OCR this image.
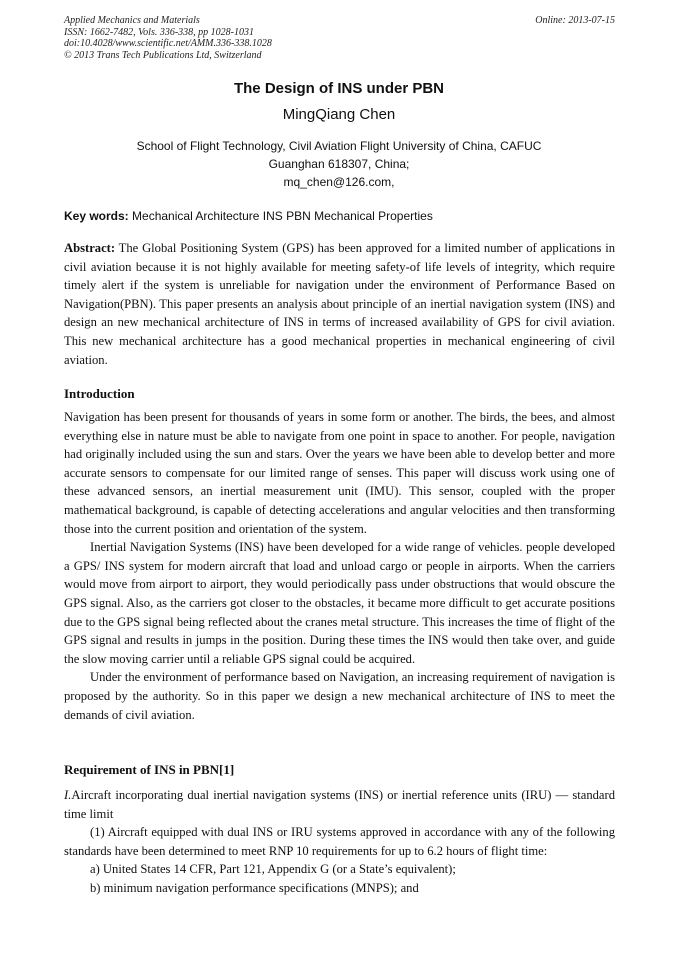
Applied Mechanics and Materials
ISSN: 1662-7482, Vols. 336-338, pp 1028-1031
doi:10.4028/www.scientific.net/AMM.336-338.1028
© 2013 Trans Tech Publications Ltd, Switzerland
Online: 2013-07-15
The Design of INS under PBN
MingQiang Chen
School of Flight Technology, Civil Aviation Flight University of China, CAFUC
Guanghan 618307, China;
mq_chen@126.com,
Key words: Mechanical Architecture INS PBN Mechanical Properties

Abstract: The Global Positioning System (GPS) has been approved for a limited number of applications in civil aviation because it is not highly available for meeting safety-of life levels of integrity, which require timely alert if the system is unreliable for navigation under the environment of Performance Based on Navigation(PBN). This paper presents an analysis about principle of an inertial navigation system (INS) and design an new mechanical architecture of INS in terms of increased availability of GPS for civil aviation. This new mechanical architecture has a good mechanical properties in mechanical engineering of civil aviation.

Introduction

Navigation has been present for thousands of years in some form or another. The birds, the bees, and almost everything else in nature must be able to navigate from one point in space to another. For people, navigation had originally included using the sun and stars. Over the years we have been able to develop better and more accurate sensors to compensate for our limited range of senses. This paper will discuss work using one of these advanced sensors, an inertial measurement unit (IMU). This sensor, coupled with the proper mathematical background, is capable of detecting accelerations and angular velocities and then transforming those into the current position and orientation of the system.

Inertial Navigation Systems (INS) have been developed for a wide range of vehicles. people developed a GPS/ INS system for modern aircraft that load and unload cargo or people in airports. When the carriers would move from airport to airport, they would periodically pass under obstructions that would obscure the GPS signal. Also, as the carriers got closer to the obstacles, it became more difficult to get accurate positions due to the GPS signal being reflected about the cranes metal structure. This increases the time of flight of the GPS signal and results in jumps in the position. During these times the INS would then take over, and guide the slow moving carrier until a reliable GPS signal could be acquired.

Under the environment of performance based on Navigation, an increasing requirement of navigation is proposed by the authority. So in this paper we design a new mechanical architecture of INS to meet the demands of civil aviation.

Requirement of INS in PBN[1]

I.Aircraft incorporating dual inertial navigation systems (INS) or inertial reference units (IRU) — standard time limit

(1) Aircraft equipped with dual INS or IRU systems approved in accordance with any of the following standards have been determined to meet RNP 10 requirements for up to 6.2 hours of flight time:

a) United States 14 CFR, Part 121, Appendix G (or a State’s equivalent);

b) minimum navigation performance specifications (MNPS); and
